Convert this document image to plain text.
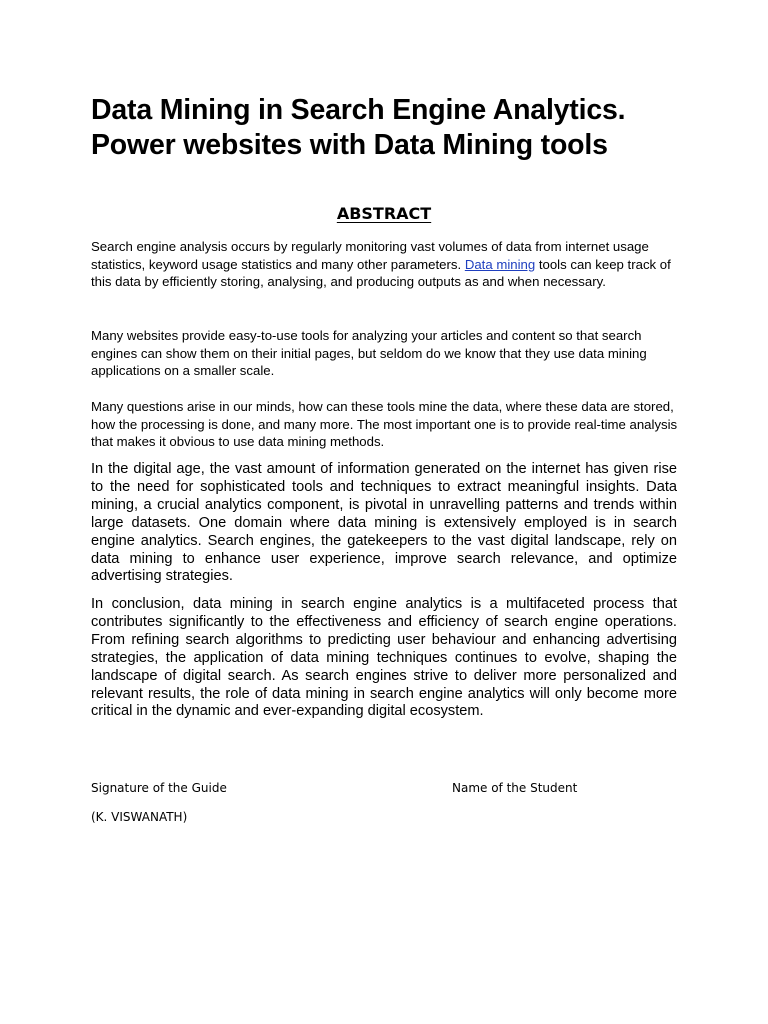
Data Mining in Search Engine Analytics.
Power websites with Data Mining tools
ABSTRACT

Search engine analysis occurs by regularly monitoring vast volumes of data from internet usage statistics, keyword usage statistics and many other parameters. Data mining tools can keep track of this data by efficiently storing, analysing, and producing outputs as and when necessary.

Many websites provide easy-to-use tools for analyzing your articles and content so that search engines can show them on their initial pages, but seldom do we know that they use data mining applications on a smaller scale.

Many questions arise in our minds, how can these tools mine the data, where these data are stored, how the processing is done, and many more. The most important one is to provide real-time analysis that makes it obvious to use data mining methods.

In the digital age, the vast amount of information generated on the internet has given rise to the need for sophisticated tools and techniques to extract meaningful insights. Data mining, a crucial analytics component, is pivotal in unravelling patterns and trends within large datasets. One domain where data mining is extensively employed is in search engine analytics. Search engines, the gatekeepers to the vast digital landscape, rely on data mining to enhance user experience, improve search relevance, and optimize advertising strategies.

In conclusion, data mining in search engine analytics is a multifaceted process that contributes significantly to the effectiveness and efficiency of search engine operations. From refining search algorithms to predicting user behaviour and enhancing advertising strategies, the application of data mining techniques continues to evolve, shaping the landscape of digital search. As search engines strive to deliver more personalized and relevant results, the role of data mining in search engine analytics will only become more critical in the dynamic and ever-expanding digital ecosystem.

Signature of the Guide	Name of the Student
(K. VISWANATH)
